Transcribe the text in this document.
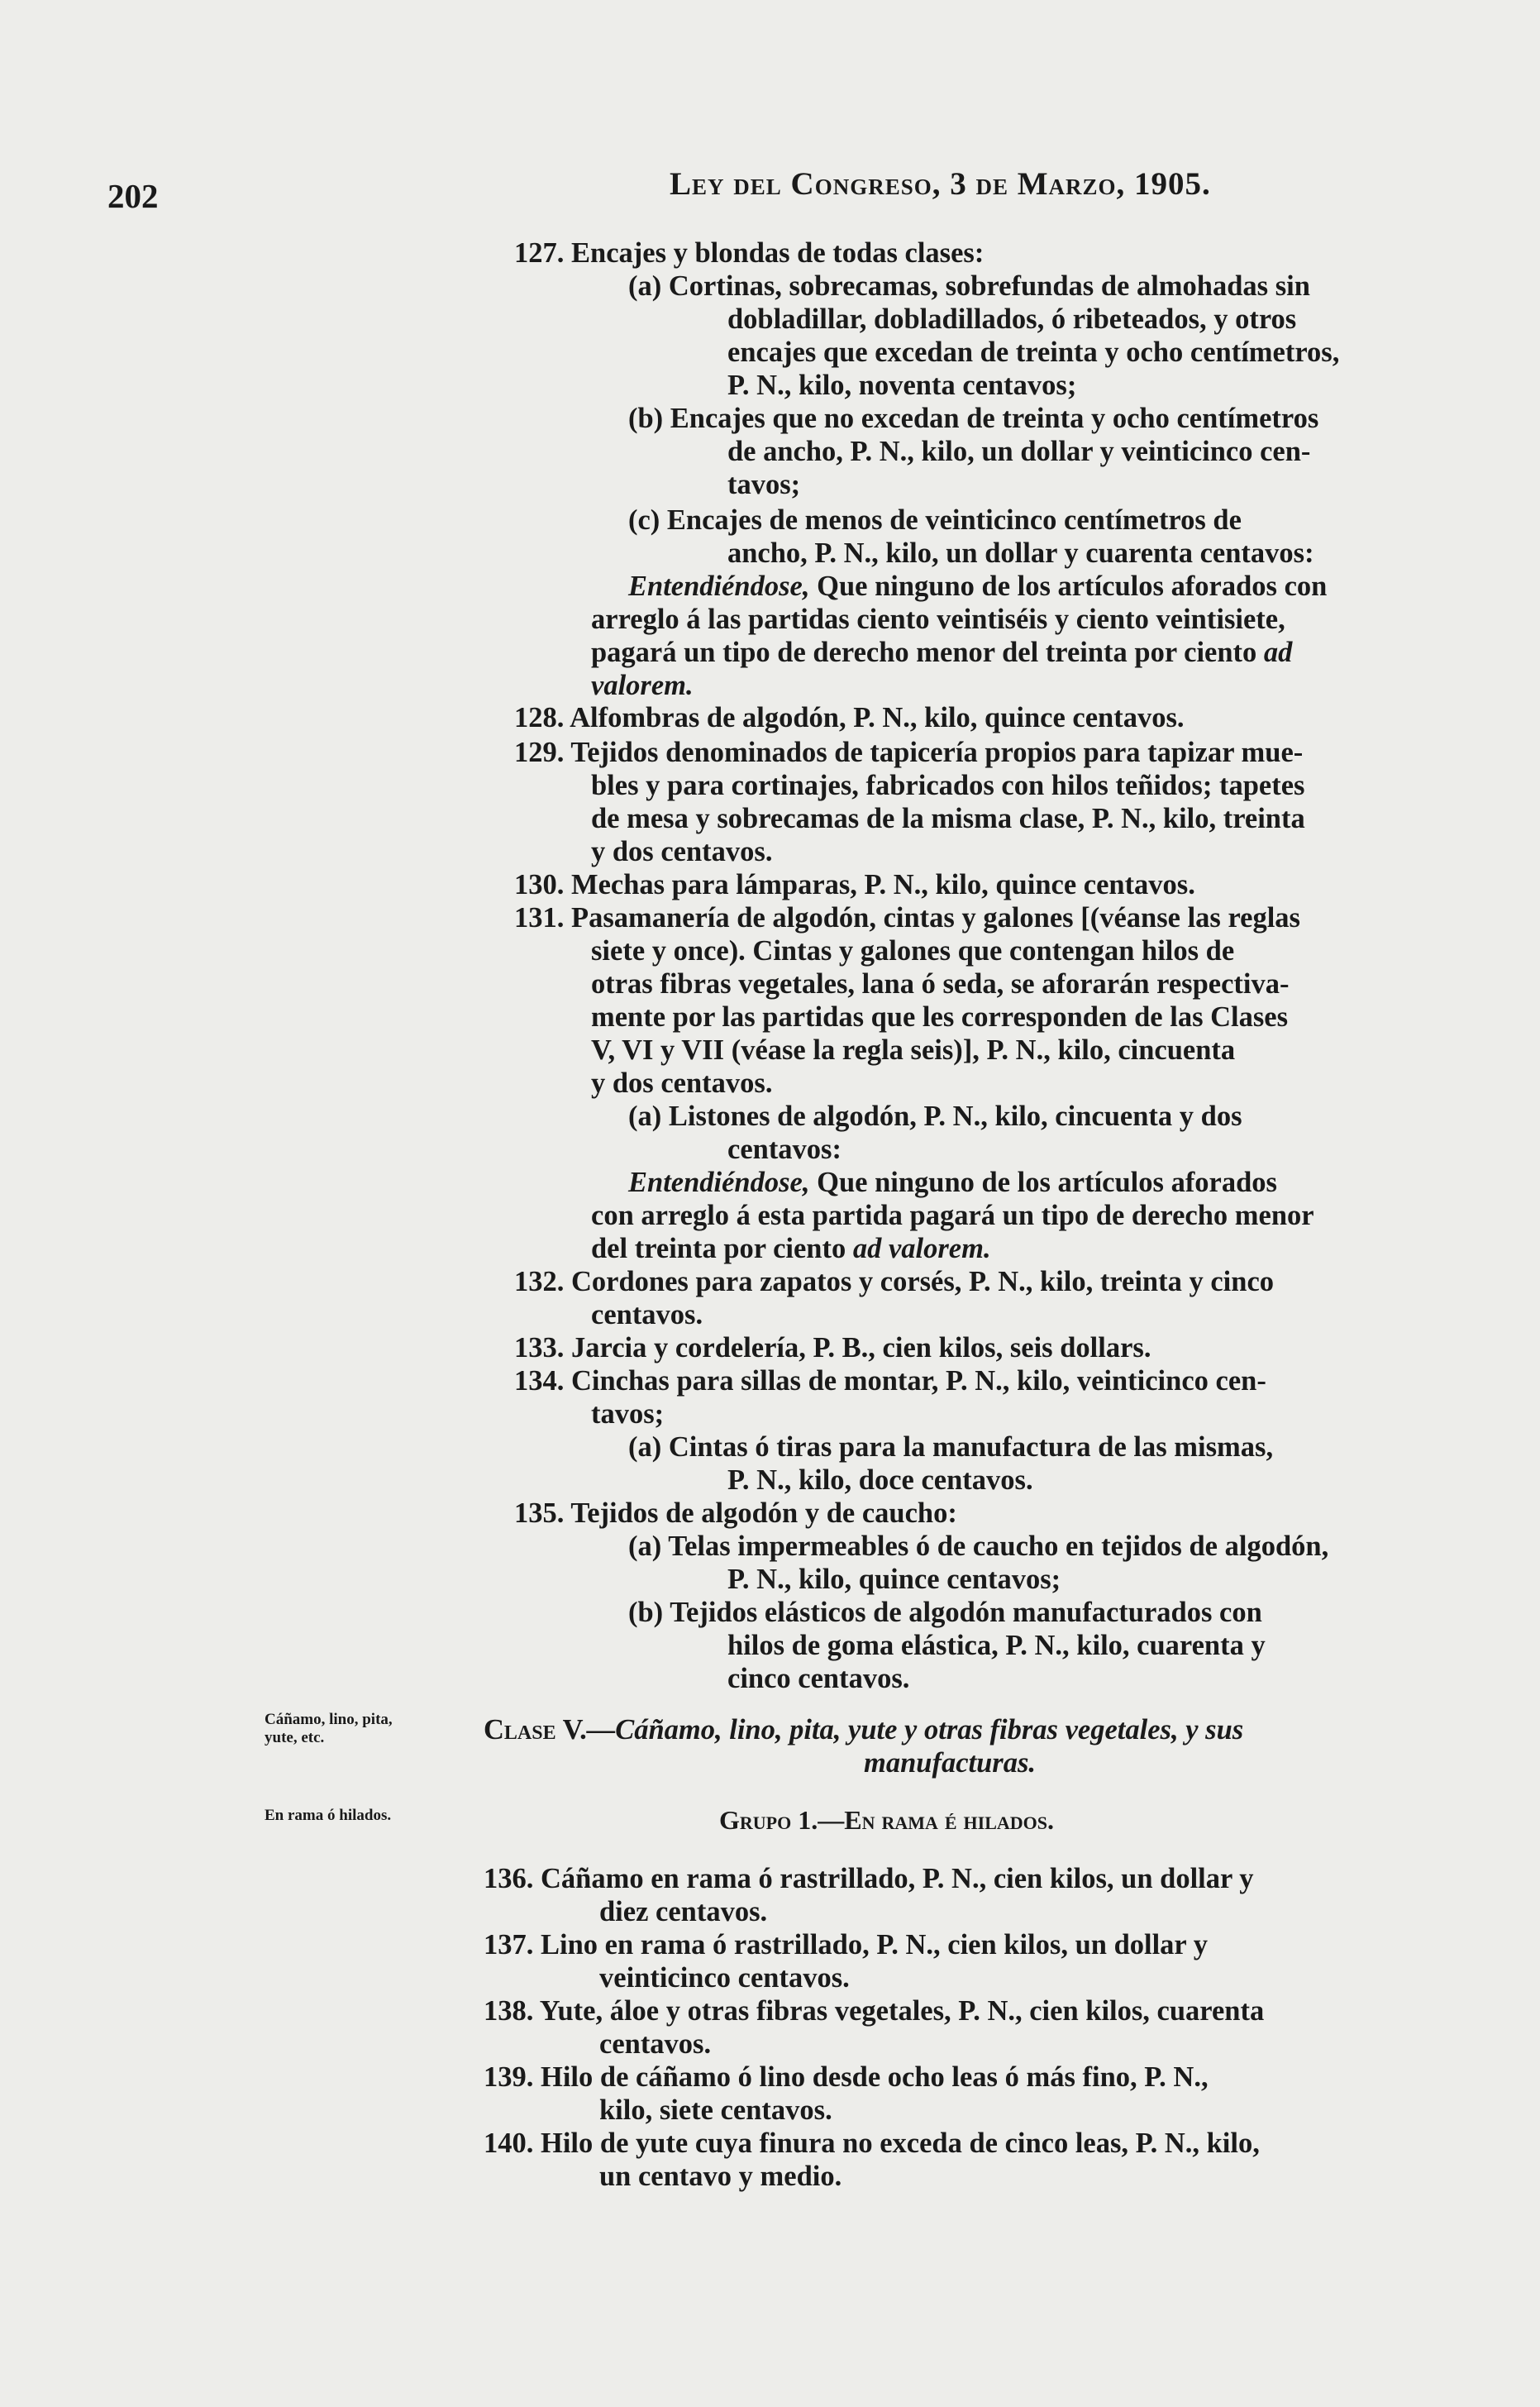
202	Ley del Congreso, 3 de Marzo, 1905.
127. Encajes y blondas de todas clases:
(a) Cortinas, sobrecamas, sobrefundas de almohadas sin
dobladillar, dobladillados, ó ribeteados, y otros
encajes que excedan de treinta y ocho centímetros,
P. N., kilo, noventa centavos;
(b) Encajes que no excedan de treinta y ocho centímetros
de ancho, P. N., kilo, un dollar y veinticinco cen-
tavos;
(c) Encajes de menos de veinticinco centímetros de
ancho, P. N., kilo, un dollar y cuarenta centavos:
Entendiéndose, Que ninguno de los artículos aforados con
arreglo á las partidas ciento veintiséis y ciento veintisiete,
pagará un tipo de derecho menor del treinta por ciento ad
valorem.
128. Alfombras de algodón, P. N., kilo, quince centavos.
129. Tejidos denominados de tapicería propios para tapizar mue-
bles y para cortinajes, fabricados con hilos teñidos; tapetes
de mesa y sobrecamas de la misma clase, P. N., kilo, treinta
y dos centavos.
130. Mechas para lámparas, P. N., kilo, quince centavos.
131. Pasamanería de algodón, cintas y galones [(véanse las reglas
siete y once). Cintas y galones que contengan hilos de
otras fibras vegetales, lana ó seda, se aforarán respectiva-
mente por las partidas que les corresponden de las Clases
V, VI y VII (véase la regla seis)], P. N., kilo, cincuenta
y dos centavos.
(a) Listones de algodón, P. N., kilo, cincuenta y dos
centavos:
Entendiéndose, Que ninguno de los artículos aforados
con arreglo á esta partida pagará un tipo de derecho menor
del treinta por ciento ad valorem.
132. Cordones para zapatos y corsés, P. N., kilo, treinta y cinco
centavos.
133. Jarcia y cordelería, P. B., cien kilos, seis dollars.
134. Cinchas para sillas de montar, P. N., kilo, veinticinco cen-
tavos;
(a) Cintas ó tiras para la manufactura de las mismas,
P. N., kilo, doce centavos.
135. Tejidos de algodón y de caucho:
(a) Telas impermeables ó de caucho en tejidos de algodón,
P. N., kilo, quince centavos;
(b) Tejidos elásticos de algodón manufacturados con
hilos de goma elástica, P. N., kilo, cuarenta y
cinco centavos.
Cáñamo, lino, pita,
yute, etc.	Clase V.—Cáñamo, lino, pita, yute y otras fibras vegetales, y sus
manufacturas.
En rama ó hilados.	Grupo 1.—En rama é hilados.
136. Cáñamo en rama ó rastrillado, P. N., cien kilos, un dollar y
diez centavos.
137. Lino en rama ó rastrillado, P. N., cien kilos, un dollar y
veinticinco centavos.
138. Yute, áloe y otras fibras vegetales, P. N., cien kilos, cuarenta
centavos.
139. Hilo de cáñamo ó lino desde ocho leas ó más fino, P. N.,
kilo, siete centavos.
140. Hilo de yute cuya finura no exceda de cinco leas, P. N., kilo,
un centavo y medio.
